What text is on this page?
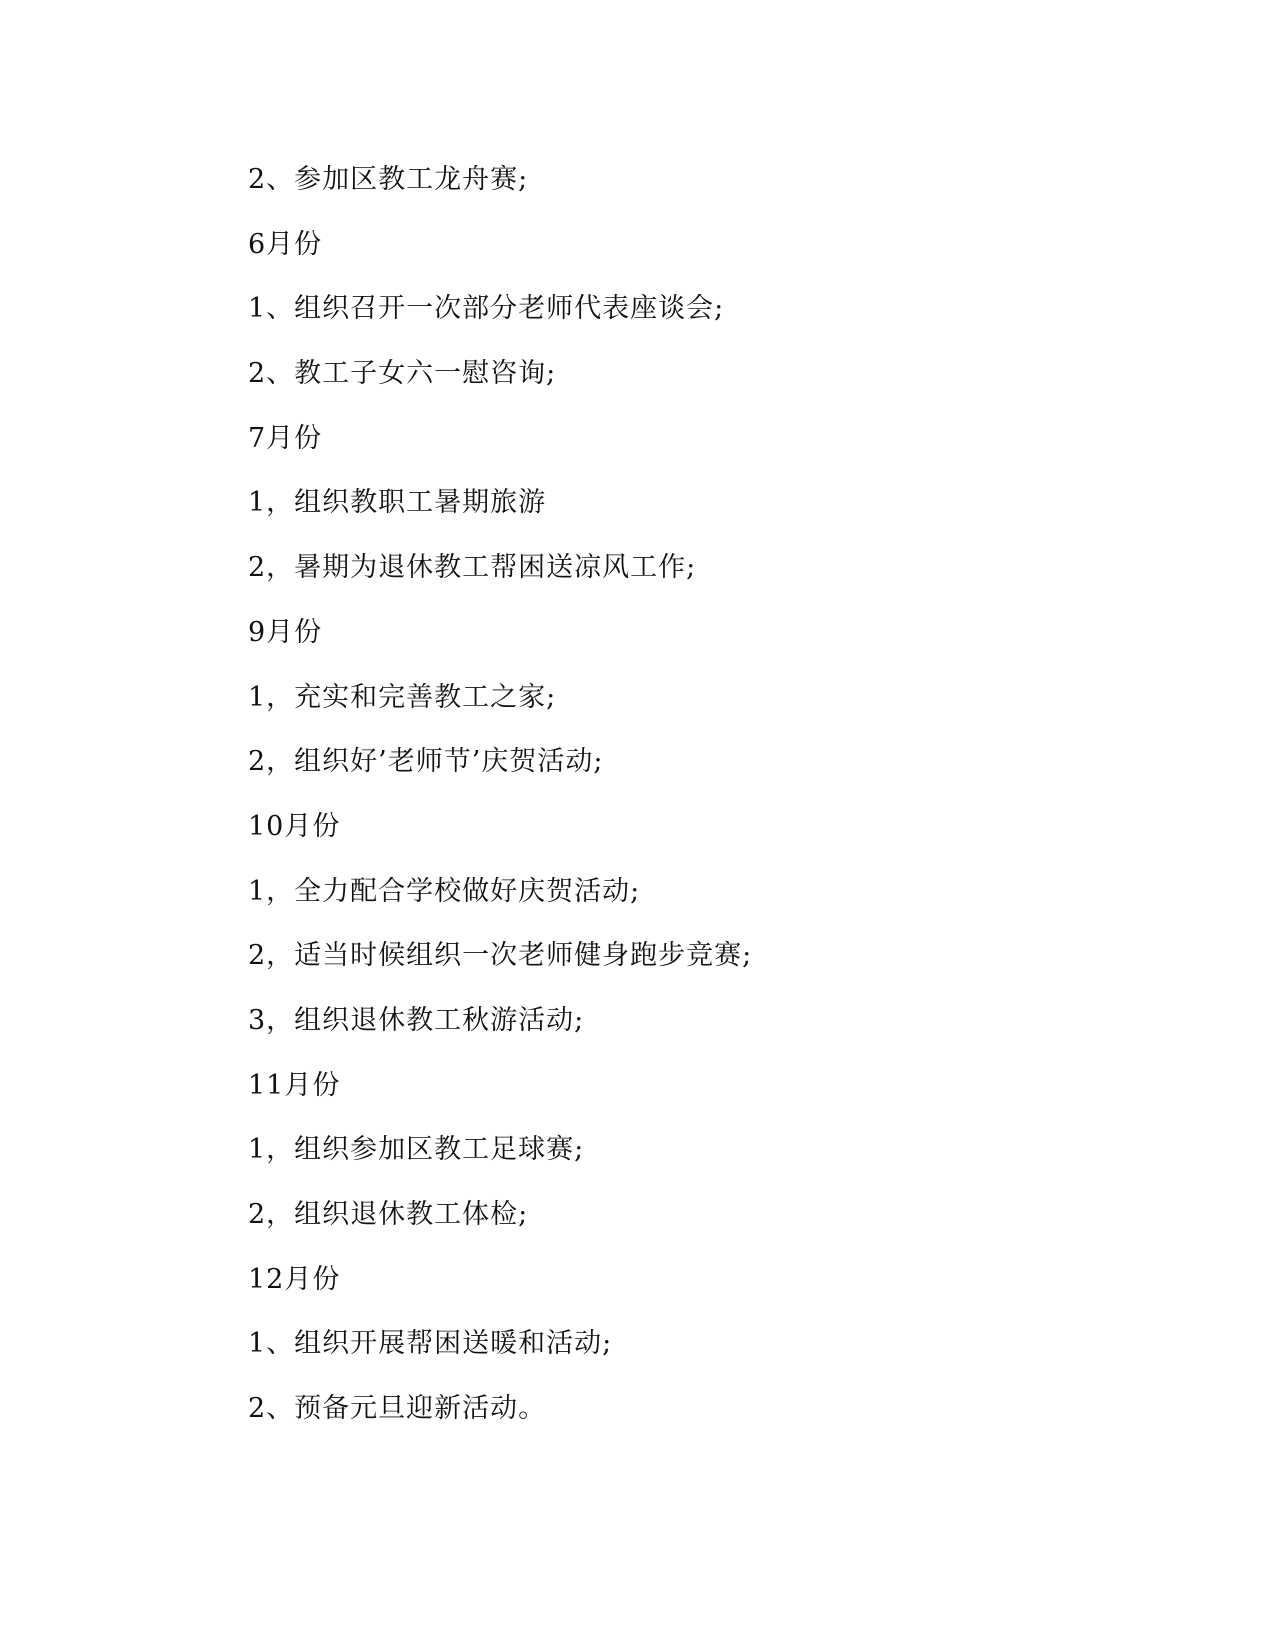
2、参加区教工龙舟赛;
6月份
1、组织召开一次部分老师代表座谈会;
2、教工子女六一慰咨询;
7月份
1，组织教职工暑期旅游
2，暑期为退休教工帮困送凉风工作;
9月份
1，充实和完善教工之家;
2，组织好’老师节’庆贺活动;
10月份
1，全力配合学校做好庆贺活动;
2，适当时候组织一次老师健身跑步竞赛;
3，组织退休教工秋游活动;
11月份
1，组织参加区教工足球赛;
2，组织退休教工体检;
12月份
1、组织开展帮困送暖和活动;
2、预备元旦迎新活动。
